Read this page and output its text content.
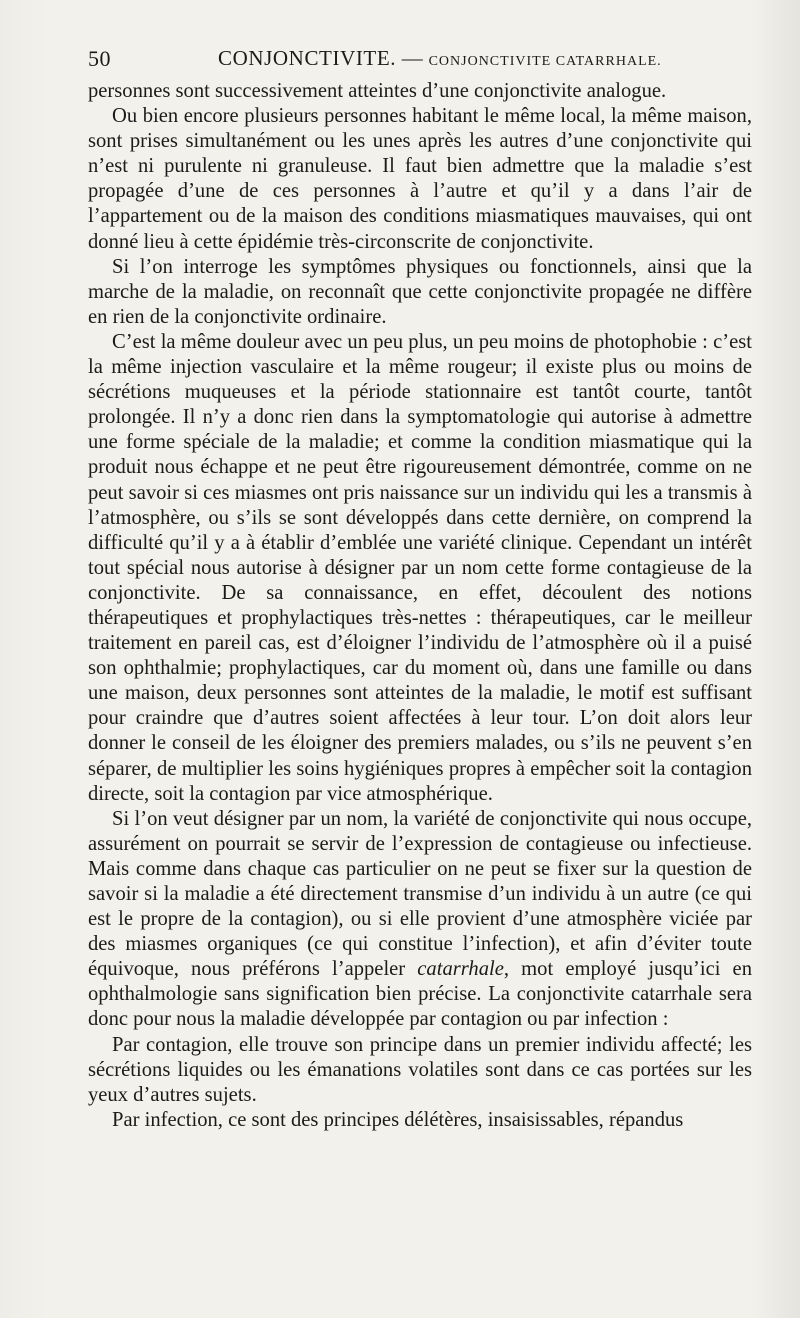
50	CONJONCTIVITE. — CONJONCTIVITE CATARRHALE.

personnes sont successivement atteintes d’une conjonctivite analogue.

Ou bien encore plusieurs personnes habitant le même local, la même maison, sont prises simultanément ou les unes après les autres d’une conjonctivite qui n’est ni purulente ni granuleuse. Il faut bien admettre que la maladie s’est propagée d’une de ces personnes à l’autre et qu’il y a dans l’air de l’appartement ou de la maison des conditions miasmatiques mauvaises, qui ont donné lieu à cette épidémie très-circonscrite de conjonctivite.

Si l’on interroge les symptômes physiques ou fonctionnels, ainsi que la marche de la maladie, on reconnaît que cette conjonctivite propagée ne diffère en rien de la conjonctivite ordinaire.

C’est la même douleur avec un peu plus, un peu moins de photophobie : c’est la même injection vasculaire et la même rougeur; il existe plus ou moins de sécrétions muqueuses et la période stationnaire est tantôt courte, tantôt prolongée. Il n’y a donc rien dans la symptomatologie qui autorise à admettre une forme spéciale de la maladie; et comme la condition miasmatique qui la produit nous échappe et ne peut être rigoureusement démontrée, comme on ne peut savoir si ces miasmes ont pris naissance sur un individu qui les a transmis à l’atmosphère, ou s’ils se sont développés dans cette dernière, on comprend la difficulté qu’il y a à établir d’emblée une variété clinique. Cependant un intérêt tout spécial nous autorise à désigner par un nom cette forme contagieuse de la conjonctivite. De sa connaissance, en effet, découlent des notions thérapeutiques et prophylactiques très-nettes : thérapeutiques, car le meilleur traitement en pareil cas, est d’éloigner l’individu de l’atmosphère où il a puisé son ophthalmie; prophylactiques, car du moment où, dans une famille ou dans une maison, deux personnes sont atteintes de la maladie, le motif est suffisant pour craindre que d’autres soient affectées à leur tour. L’on doit alors leur donner le conseil de les éloigner des premiers malades, ou s’ils ne peuvent s’en séparer, de multiplier les soins hygiéniques propres à empêcher soit la contagion directe, soit la contagion par vice atmosphérique.

Si l’on veut désigner par un nom, la variété de conjonctivite qui nous occupe, assurément on pourrait se servir de l’expression de contagieuse ou infectieuse. Mais comme dans chaque cas particulier on ne peut se fixer sur la question de savoir si la maladie a été directement transmise d’un individu à un autre (ce qui est le propre de la contagion), ou si elle provient d’une atmosphère viciée par des miasmes organiques (ce qui constitue l’infection), et afin d’éviter toute équivoque, nous préférons l’appeler catarrhale, mot employé jusqu’ici en ophthalmologie sans signification bien précise. La conjonctivite catarrhale sera donc pour nous la maladie développée par contagion ou par infection :

Par contagion, elle trouve son principe dans un premier individu affecté; les sécrétions liquides ou les émanations volatiles sont dans ce cas portées sur les yeux d’autres sujets.

Par infection, ce sont des principes délétères, insaisissables, répandus
